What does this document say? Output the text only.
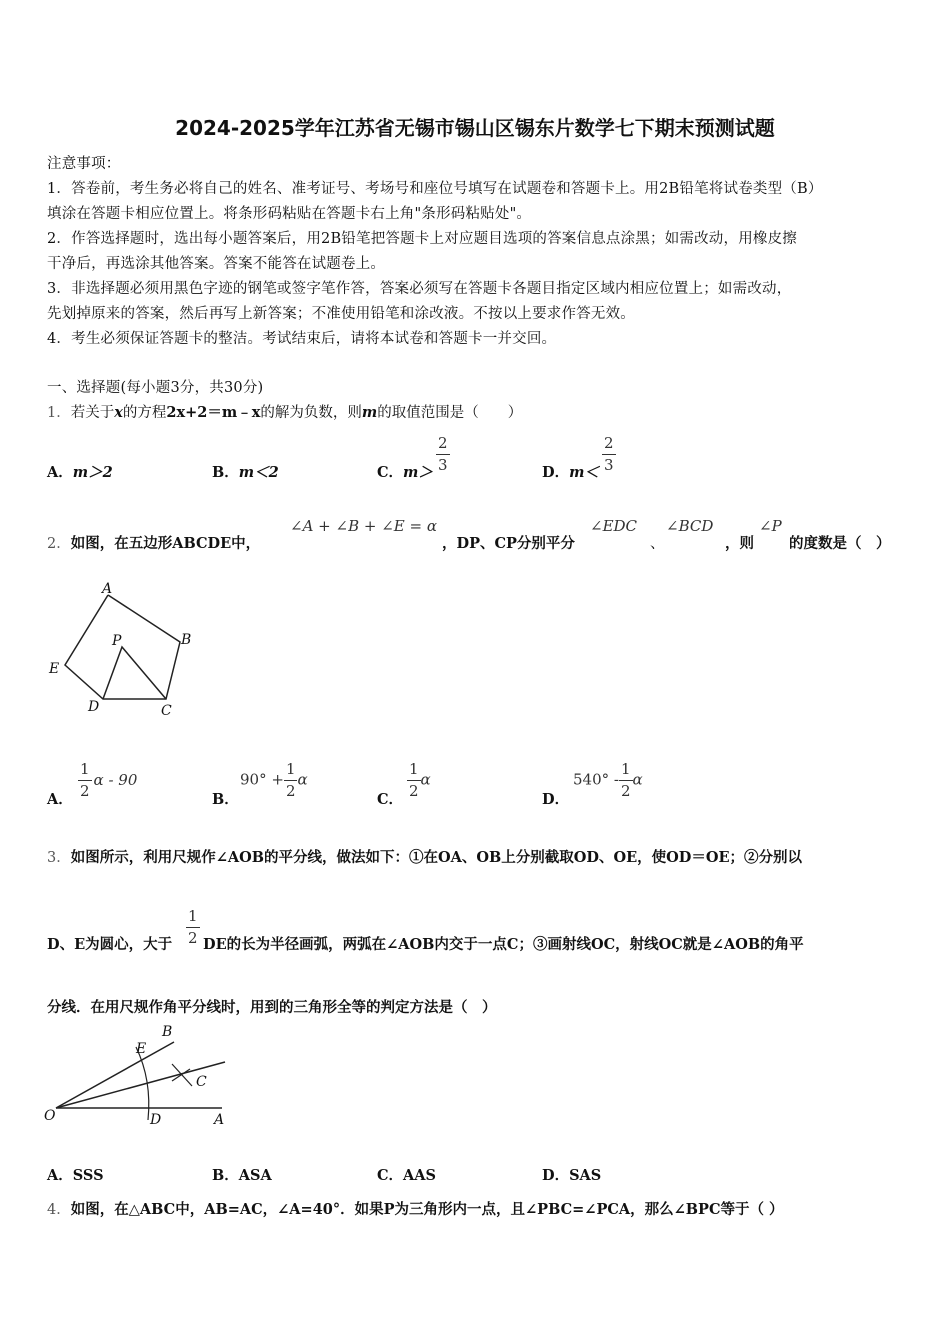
2024-2025学年江苏省无锡市锡山区锡东片数学七下期末预测试题
注意事项：
1．答卷前，考生务必将自己的姓名、准考证号、考场号和座位号填写在试题卷和答题卡上。用2B铅笔将试卷类型（B）
填涂在答题卡相应位置上。将条形码粘贴在答题卡右上角"条形码粘贴处"。
2．作答选择题时，选出每小题答案后，用2B铅笔把答题卡上对应题目选项的答案信息点涂黑；如需改动，用橡皮擦
干净后，再选涂其他答案。答案不能答在试题卷上。
3．非选择题必须用黑色字迹的钢笔或签字笔作答，答案必须写在答题卡各题目指定区域内相应位置上；如需改动，
先划掉原来的答案，然后再写上新答案；不准使用铅笔和涂改液。不按以上要求作答无效。
4．考生必须保证答题卡的整洁。考试结束后，请将本试卷和答题卡一并交回。
一、选择题(每小题3分，共30分)
1．若关于x的方程2x+2＝m﹣x的解为负数，则m的取值范围是（　　）
A．m＞2	B．m＜2	C．$m> \frac{2}{3}$	D．$m< \frac{2}{3}$
2．如图，在五边形ABCDE中，
∠A + ∠B + ∠E = α
，DP、CP分别平分
∠EDC
、
∠BCD
，则
∠P
的度数是（　）
A
B
C
D
E
P
A．
$\frac{1}{2}$ α - 90
B．
$90^\circ + \frac{1}{2}$ α
C．
$\frac{1}{2}$ α
D．
$540^\circ - \frac{1}{2}$ α
3．如图所示，利用尺规作∠AOB的平分线，做法如下：①在OA、OB上分别截取OD、OE，使OD＝OE；②分别以
D、E为圆心，大于 $\frac{1}{2}$ DE的长为半径画弧，两弧在∠AOB内交于一点C；③画射线OC，射线OC就是∠AOB的角平
分线．在用尺规作角平分线时，用到的三角形全等的判定方法是（　）
O	A
B
C
D
E
A．SSS	B．ASA	C．AAS	D．SAS
4．如图，在△ABC中，AB=AC，∠A=40°．如果P为三角形内一点，且∠PBC=∠PCA，那么∠BPC等于（ ）
